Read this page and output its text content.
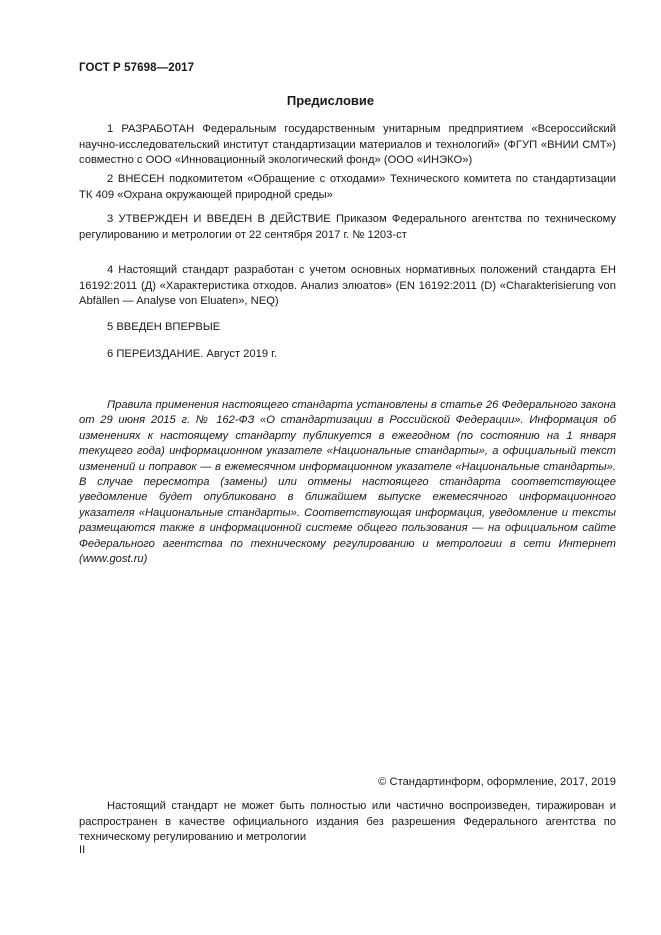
ГОСТ Р 57698—2017
Предисловие

1 РАЗРАБОТАН Федеральным государственным унитарным предприятием «Всероссийский научно-исследовательский институт стандартизации материалов и технологий» (ФГУП «ВНИИ СМТ») совместно с ООО «Инновационный экологический фонд» (ООО «ИНЭКО»)

2 ВНЕСЕН подкомитетом «Обращение с отходами» Технического комитета по стандартизации ТК 409 «Охрана окружающей природной среды»

3 УТВЕРЖДЕН И ВВЕДЕН В ДЕЙСТВИЕ Приказом Федерального агентства по техническому регулированию и метрологии от 22 сентября 2017 г. № 1203-ст

4 Настоящий стандарт разработан с учетом основных нормативных положений стандарта ЕН 16192:2011 (Д) «Характеристика отходов. Анализ элюатов» (EN 16192:2011 (D) «Charakterisierung von Abfällen — Analyse von Eluaten», NEQ)

5 ВВЕДЕН ВПЕРВЫЕ

6 ПЕРЕИЗДАНИЕ. Август 2019 г.

Правила применения настоящего стандарта установлены в статье 26 Федерального закона от 29 июня 2015 г. № 162-ФЗ «О стандартизации в Российской Федерации». Информация об изменениях к настоящему стандарту публикуется в ежегодном (по состоянию на 1 января текущего года) информационном указателе «Национальные стандарты», а официальный текст изменений и поправок — в ежемесячном информационном указателе «Национальные стандарты». В случае пересмотра (замены) или отмены настоящего стандарта соответствующее уведомление будет опубликовано в ближайшем выпуске ежемесячного информационного указателя «Национальные стандарты». Соответствующая информация, уведомление и тексты размещаются также в информационной системе общего пользования — на официальном сайте Федерального агентства по техническому регулированию и метрологии в сети Интернет (www.gost.ru)

© Стандартинформ, оформление, 2017, 2019

Настоящий стандарт не может быть полностью или частично воспроизведен, тиражирован и распространен в качестве официального издания без разрешения Федерального агентства по техническому регулированию и метрологии

II
